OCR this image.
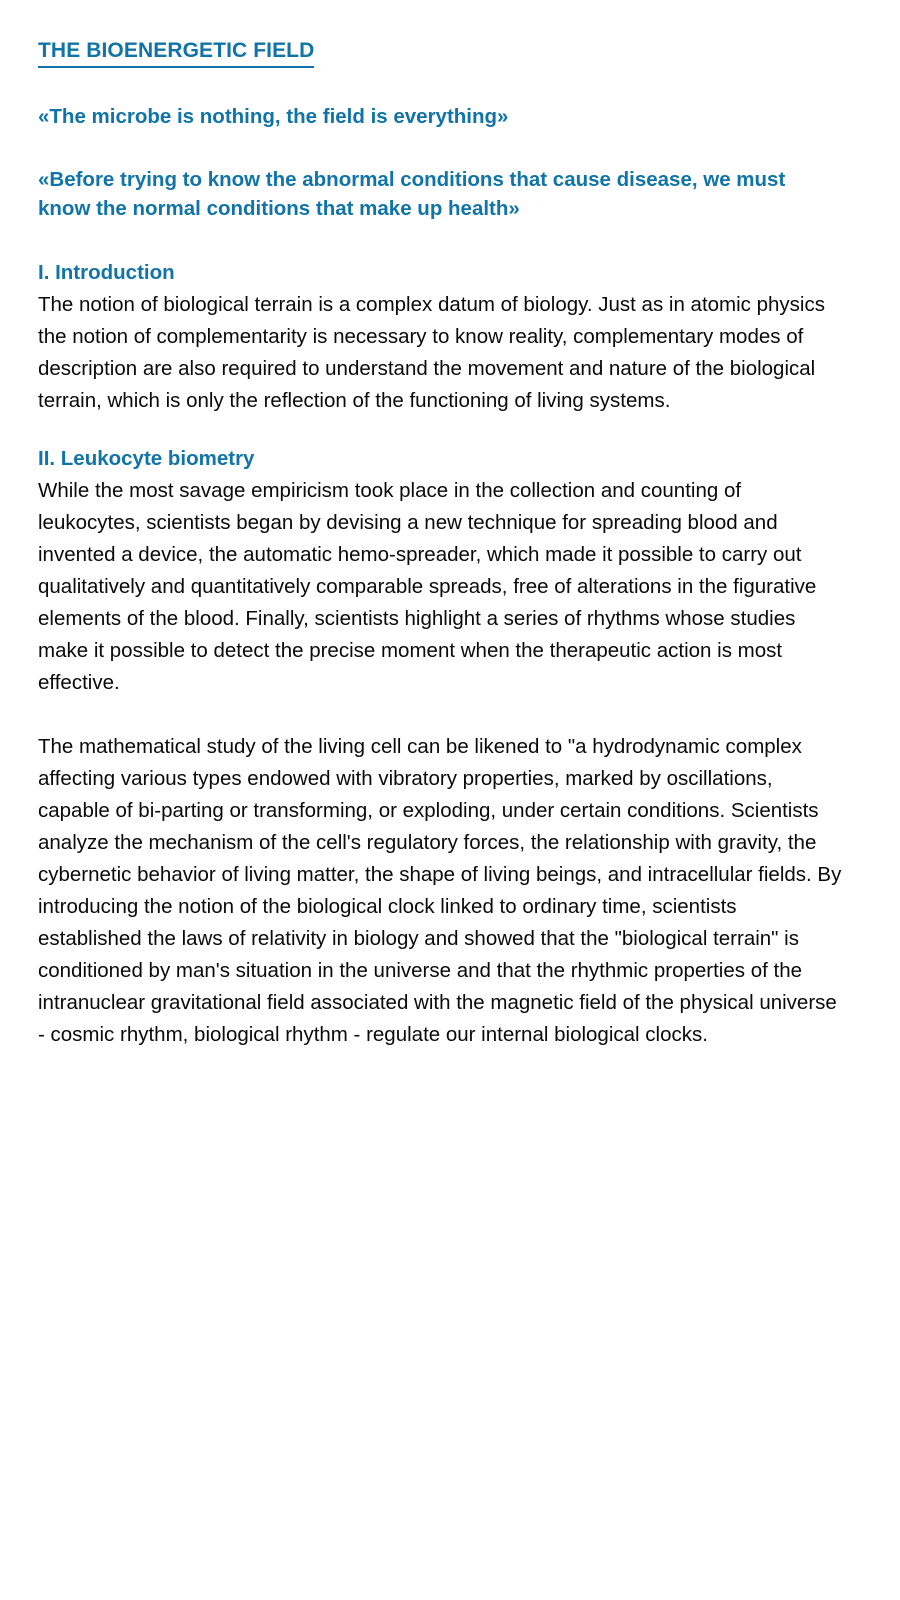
THE BIOENERGETIC FIELD

«The microbe is nothing, the field is everything»

«Before trying to know the abnormal conditions that cause disease, we must know the normal conditions that make up health»

I. Introduction

The notion of biological terrain is a complex datum of biology. Just as in atomic physics the notion of complementarity is necessary to know reality, complementary modes of description are also required to understand the movement and nature of the biological terrain, which is only the reflection of the functioning of living systems.

II. Leukocyte biometry

While the most savage empiricism took place in the collection and counting of leukocytes, scientists began by devising a new technique for spreading blood and invented a device, the automatic hemo-spreader, which made it possible to carry out qualitatively and quantitatively comparable spreads, free of alterations in the figurative elements of the blood. Finally, scientists highlight a series of rhythms whose studies make it possible to detect the precise moment when the therapeutic action is most effective.

The mathematical study of the living cell can be likened to "a hydrodynamic complex affecting various types endowed with vibratory properties, marked by oscillations, capable of bi-parting or transforming, or exploding, under certain conditions. Scientists analyze the mechanism of the cell's regulatory forces, the relationship with gravity, the cybernetic behavior of living matter, the shape of living beings, and intracellular fields. By introducing the notion of the biological clock linked to ordinary time, scientists established the laws of relativity in biology and showed that the "biological terrain" is conditioned by man's situation in the universe and that the rhythmic properties of the intranuclear gravitational field associated with the magnetic field of the physical universe - cosmic rhythm, biological rhythm - regulate our internal biological clocks.
